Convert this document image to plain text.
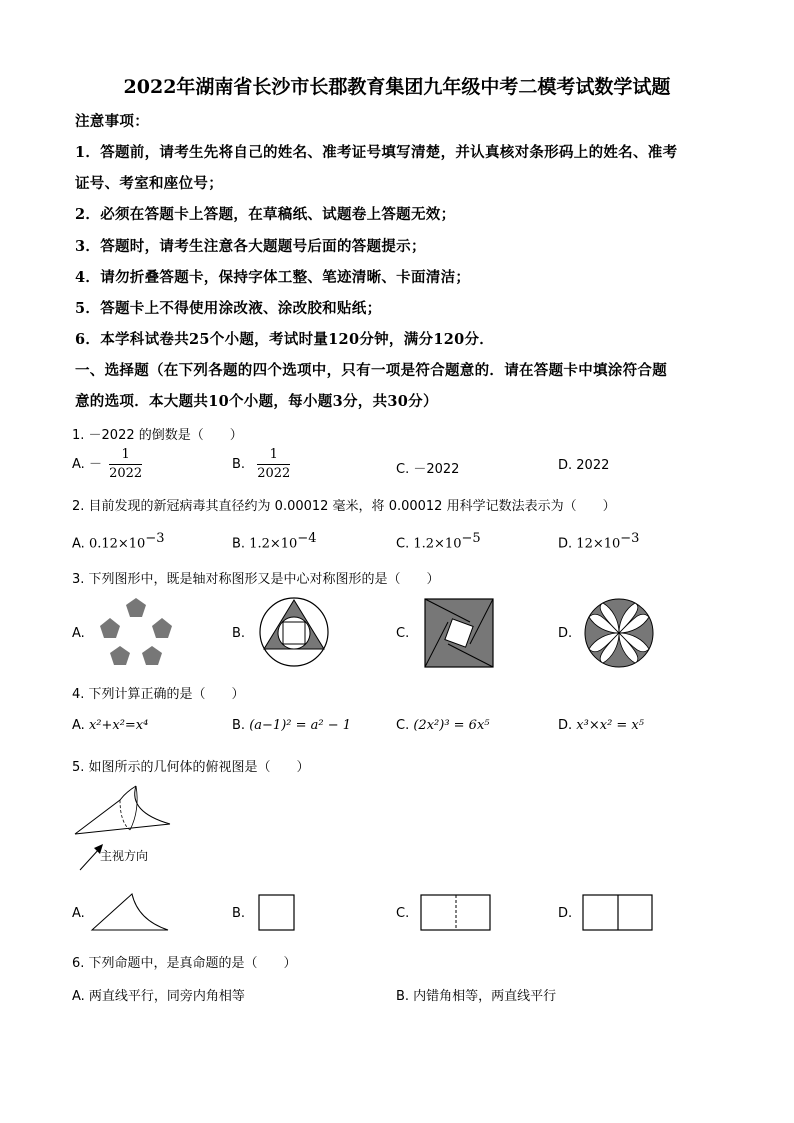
2022年湖南省长沙市长郡教育集团九年级中考二模考试数学试题
注意事项：
1．答题前，请考生先将自己的姓名、准考证号填写清楚，并认真核对条形码上的姓名、准考
证号、考室和座位号；
2．必须在答题卡上答题，在草稿纸、试题卷上答题无效；
3．答题时，请考生注意各大题题号后面的答题提示；
4．请勿折叠答题卡，保持字体工整、笔迹清晰、卡面清洁；
5．答题卡上不得使用涂改液、涂改胶和贴纸；
6．本学科试卷共25个小题，考试时量120分钟，满分120分．
一、选择题（在下列各题的四个选项中，只有一项是符合题意的．请在答题卡中填涂符合题
意的选项．本大题共10个小题，每小题3分，共30分）
1. －2022 的倒数是（　　）
A. － $\frac{1}{2022}$	B. $\frac{1}{2022}$	C. －2022	D. 2022
2. 目前发现的新冠病毒其直径约为 0.00012 毫米，将 0.00012 用科学记数法表示为（　　）
A. $0.12\times 10^{-3}$	B. $1.2\times 10^{-4}$	C. $1.2\times 10^{-5}$	D. $12\times 10^{-3}$
3. 下列图形中，既是轴对称图形又是中心对称图形的是（　　）
A.	B.	C.	D.
4. 下列计算正确的是（　　）
A. x²+x²=x⁴	B. (a−1)² = a² − 1	C. (2x²)³ = 6x⁵	D. x³×x² = x⁵
5. 如图所示的几何体的俯视图是（　　）
主视方向
A.	B.	C.	D.
6. 下列命题中，是真命题的是（　　）
A. 两直线平行，同旁内角相等	B. 内错角相等，两直线平行
